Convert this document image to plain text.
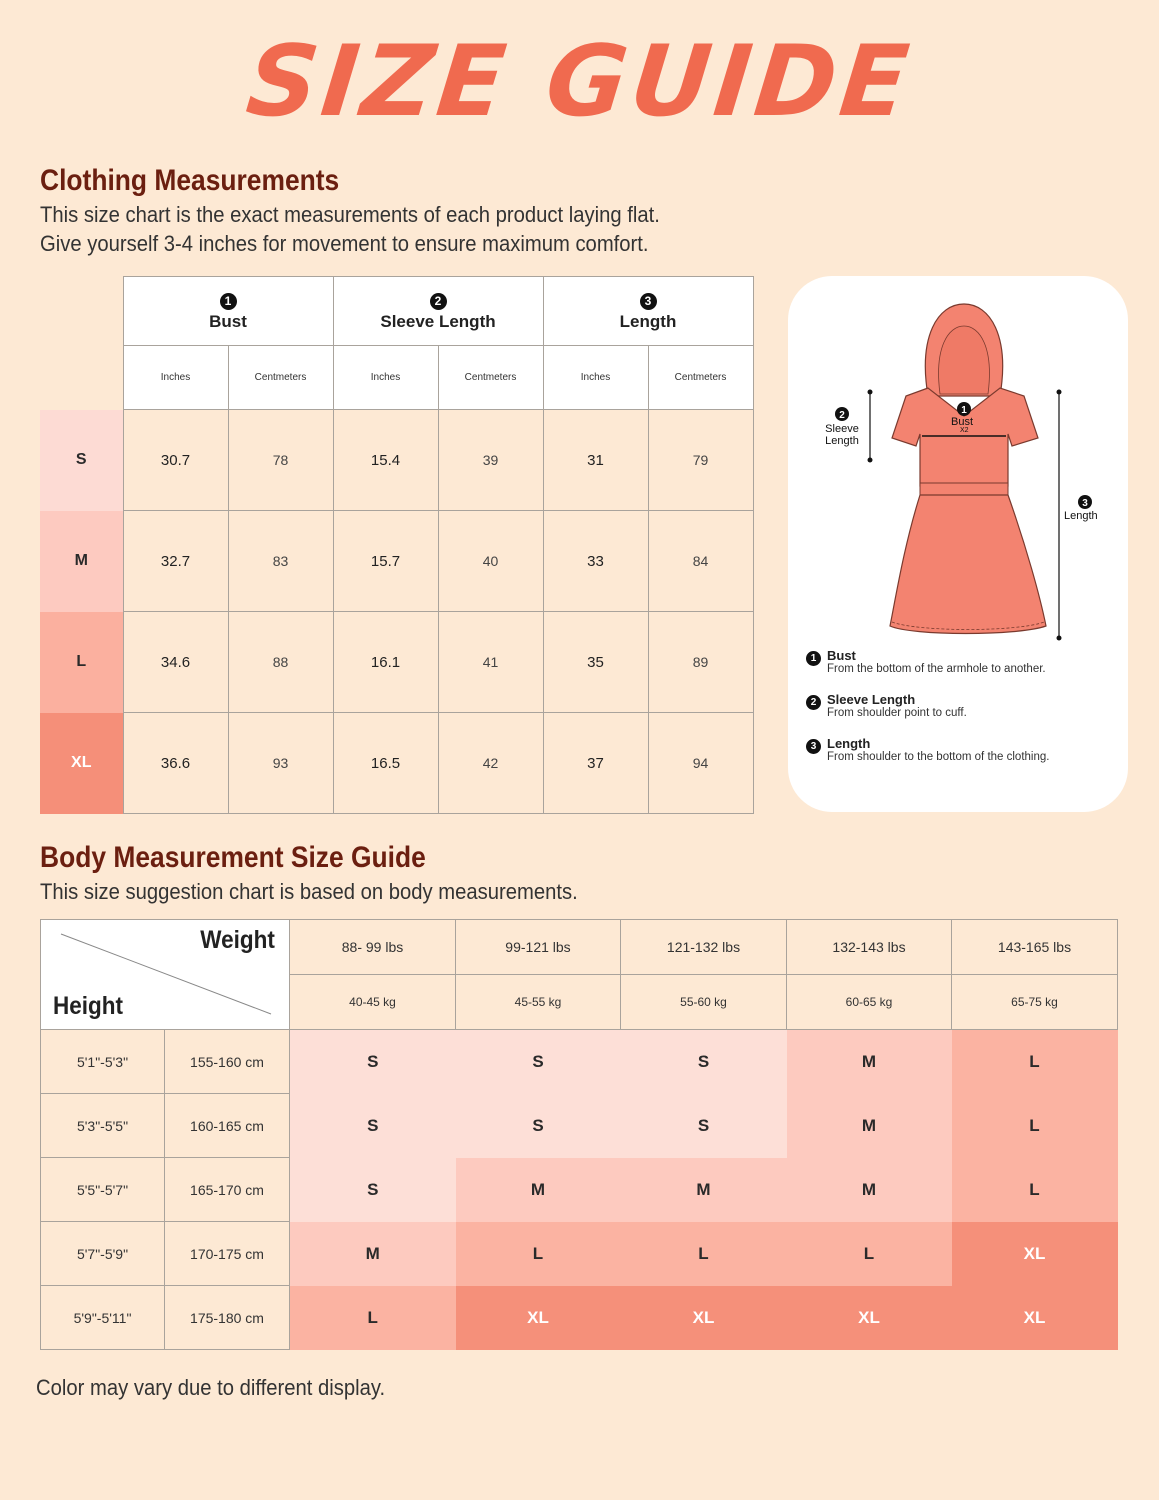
SIZE GUIDE
Clothing Measurements
This size chart is the exact measurements of each product laying flat.
Give yourself 3-4 inches for movement to ensure maximum comfort.
	1
Bust		2
Sleeve Length		3
Length	
	Inches	Centmeters	Inches	Centmeters	Inches	Centmeters
S	30.7	78	15.4	39	31	79
M	32.7	83	15.7	40	33	84
L	34.6	88	16.1	41	35	89
XL	36.6	93	16.5	42	37	94
1
2
3
Bust
X2
Sleeve
Length
Length
1 Bust
From the bottom of the armhole to another.
2 Sleeve Length
From shoulder point to cuff.
3 Length
From shoulder to the bottom of the clothing.
Body Measurement Size Guide
This size suggestion chart is based on body measurements.
Weight
Height		88- 99 lbs	99-121 lbs	121-132 lbs	132-143 lbs	143-165 lbs
		40-45 kg	45-55 kg	55-60 kg	60-65 kg	65-75 kg
5'1"-5'3"	155-160 cm	S	S	S	M	L
5'3"-5'5"	160-165 cm	S	S	S	M	L
5'5"-5'7"	165-170 cm	S	M	M	M	L
5'7"-5'9"	170-175 cm	M	L	L	L	XL
5'9"-5'11"	175-180 cm	L	XL	XL	XL	XL
Color may vary due to different display.
